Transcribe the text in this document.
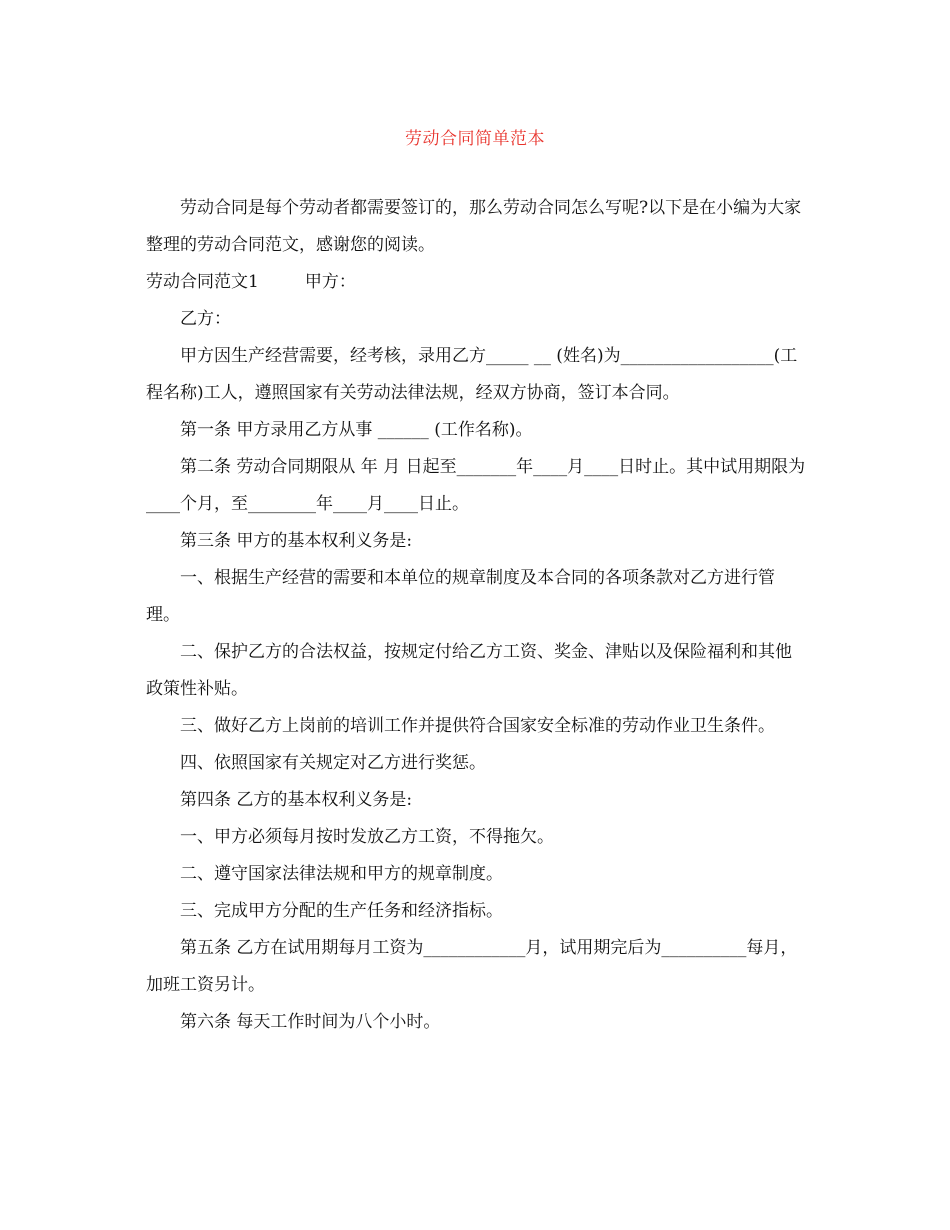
劳动合同简单范本

劳动合同是每个劳动者都需要签订的，那么劳动合同怎么写呢?以下是在小编为大家整理的劳动合同范文，感谢您的阅读。

劳动合同范文1	甲方：

乙方：

甲方因生产经营需要，经考核，录用乙方_____ __ (姓名)为__________________(工程名称)工人，遵照国家有关劳动法律法规，经双方协商，签订本合同。

第一条 甲方录用乙方从事 ______ (工作名称)。

第二条 劳动合同期限从 年 月 日起至_______年____月____日时止。其中试用期限为____个月，至________年____月____日止。

第三条 甲方的基本权利义务是:

一、根据生产经营的需要和本单位的规章制度及本合同的各项条款对乙方进行管理。

二、保护乙方的合法权益，按规定付给乙方工资、奖金、津贴以及保险福利和其他政策性补贴。

三、做好乙方上岗前的培训工作并提供符合国家安全标准的劳动作业卫生条件。

四、依照国家有关规定对乙方进行奖惩。

第四条 乙方的基本权利义务是:

一、甲方必须每月按时发放乙方工资，不得拖欠。

二、遵守国家法律法规和甲方的规章制度。

三、完成甲方分配的生产任务和经济指标。

第五条 乙方在试用期每月工资为____________月，试用期完后为__________每月，加班工资另计。

第六条 每天工作时间为八个小时。
